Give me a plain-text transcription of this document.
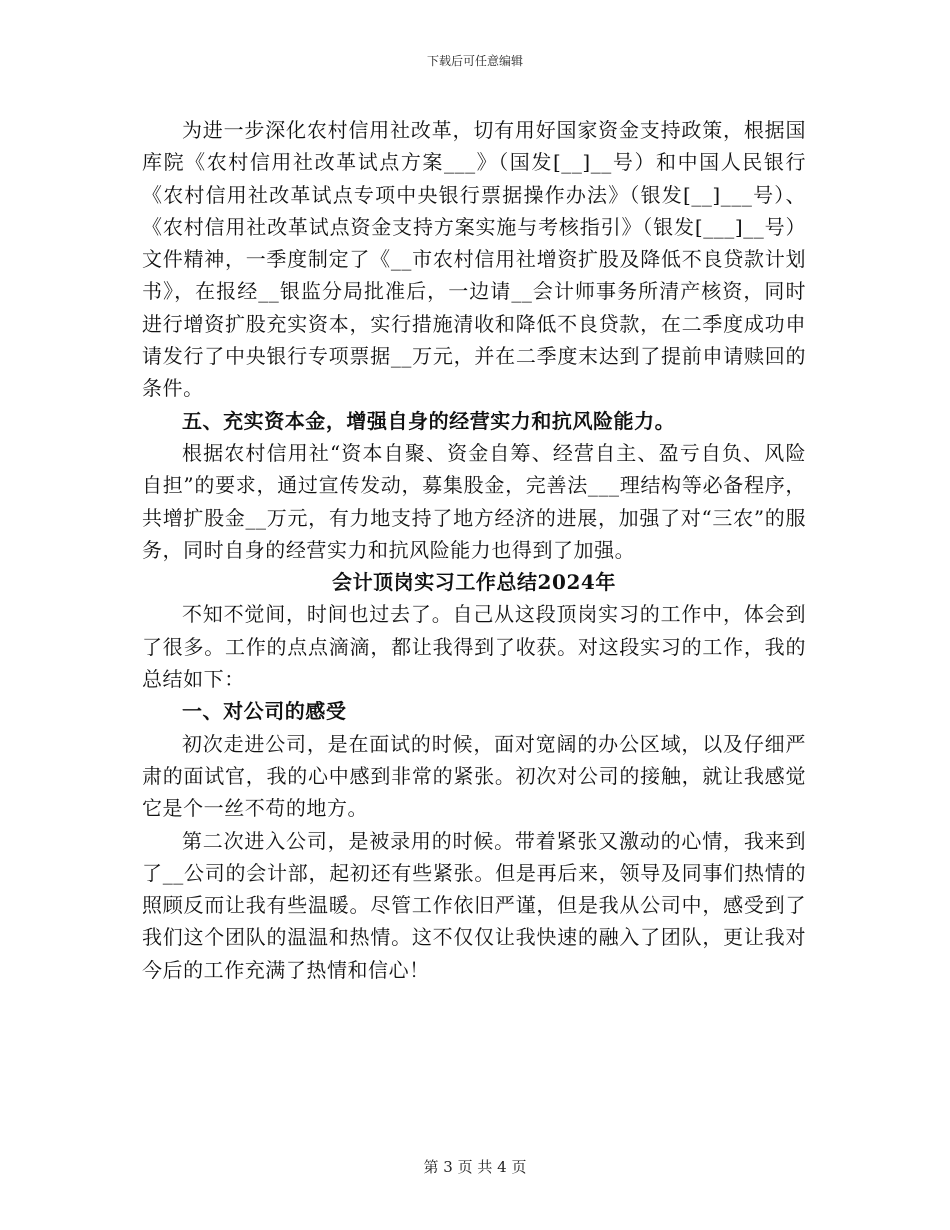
下载后可任意编辑

为进一步深化农村信用社改革，切有用好国家资金支持政策，根据国库院《农村信用社改革试点方案___》（国发[__]__号）和中国人民银行《农村信用社改革试点专项中央银行票据操作办法》（银发[__]___号）、《农村信用社改革试点资金支持方案实施与考核指引》（银发[___]__号）文件精神，一季度制定了《__市农村信用社增资扩股及降低不良贷款计划书》，在报经__银监分局批准后，一边请__会计师事务所清产核资，同时进行增资扩股充实资本，实行措施清收和降低不良贷款，在二季度成功申请发行了中央银行专项票据__万元，并在二季度末达到了提前申请赎回的条件。

五、充实资本金，增强自身的经营实力和抗风险能力。

根据农村信用社“资本自聚、资金自筹、经营自主、盈亏自负、风险自担”的要求，通过宣传发动，募集股金，完善法___理结构等必备程序，共增扩股金__万元，有力地支持了地方经济的进展，加强了对“三农”的服务，同时自身的经营实力和抗风险能力也得到了加强。

会计顶岗实习工作总结2024年

不知不觉间，时间也过去了。自己从这段顶岗实习的工作中，体会到了很多。工作的点点滴滴，都让我得到了收获。对这段实习的工作，我的总结如下：

一、对公司的感受

初次走进公司，是在面试的时候，面对宽阔的办公区域，以及仔细严肃的面试官，我的心中感到非常的紧张。初次对公司的接触，就让我感觉它是个一丝不苟的地方。

第二次进入公司，是被录用的时候。带着紧张又激动的心情，我来到了__公司的会计部，起初还有些紧张。但是再后来，领导及同事们热情的照顾反而让我有些温暖。尽管工作依旧严谨，但是我从公司中，感受到了我们这个团队的温温和热情。这不仅仅让我快速的融入了团队，更让我对今后的工作充满了热情和信心！

第 3 页 共 4 页
